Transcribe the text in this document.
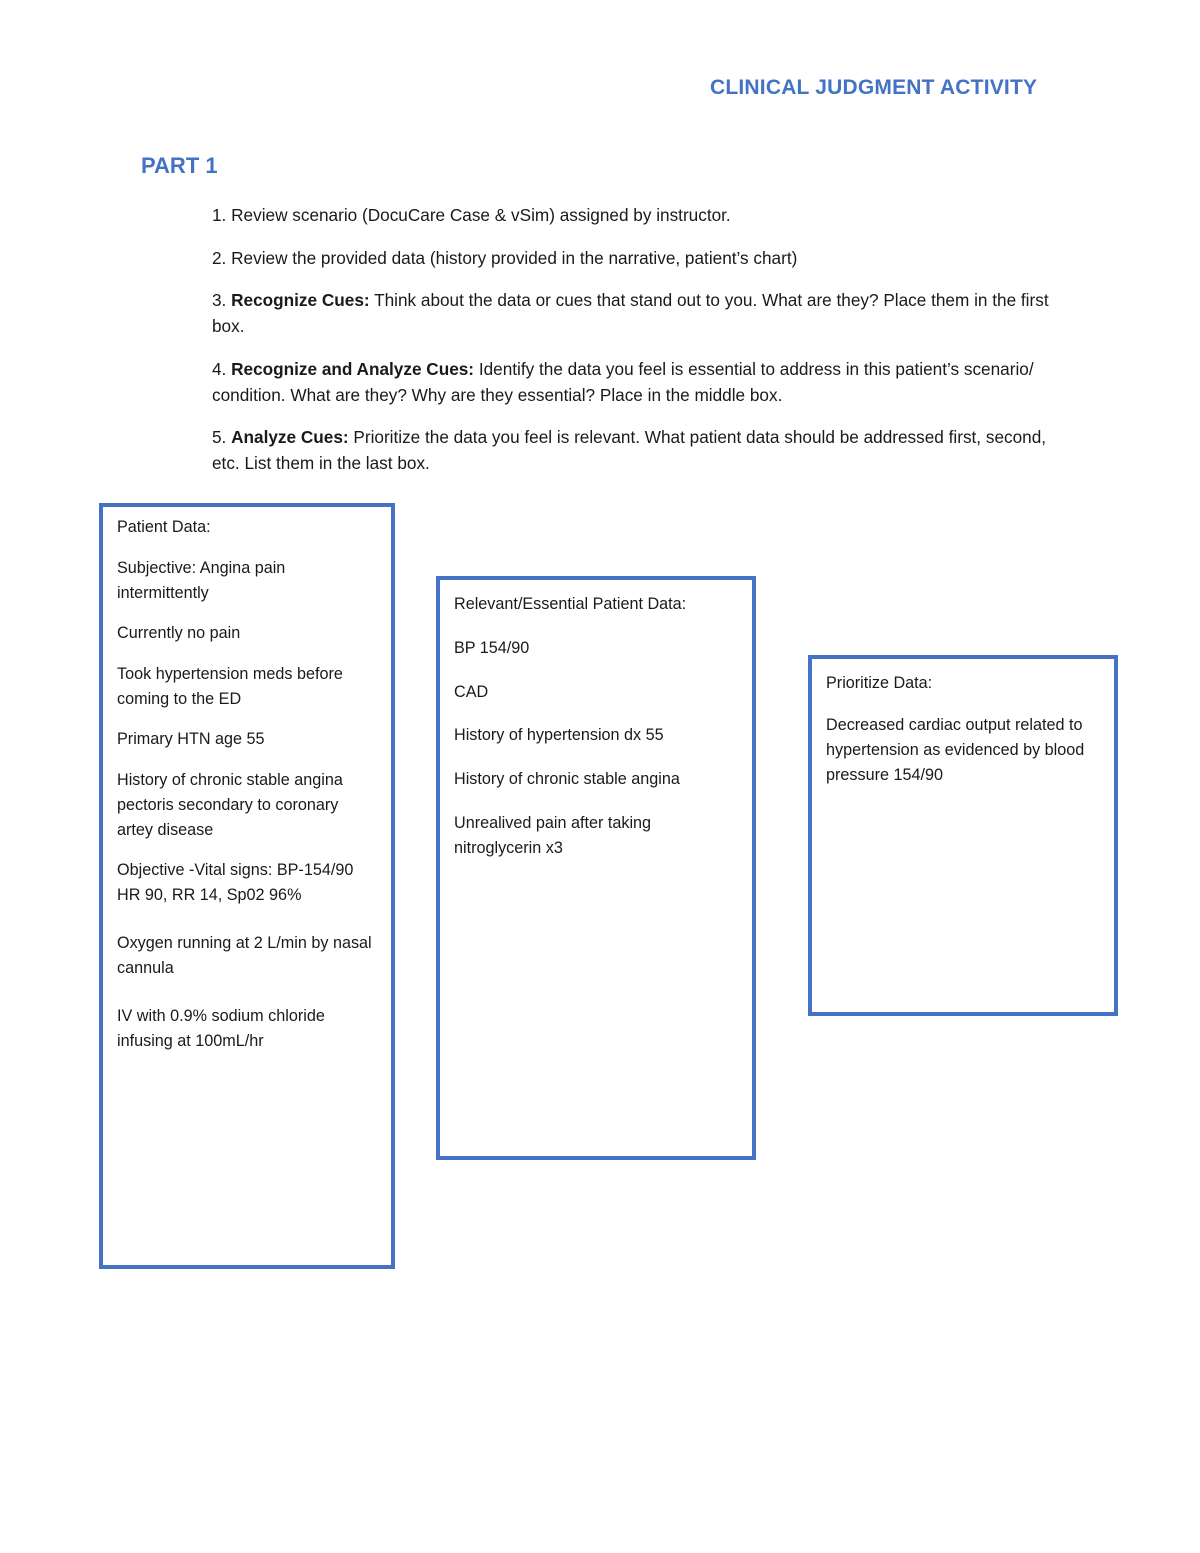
CLINICAL JUDGMENT ACTIVITY
PART 1
1. Review scenario (DocuCare Case & vSim) assigned by instructor.
2. Review the provided data (history provided in the narrative, patient’s chart)
3. Recognize Cues: Think about the data or cues that stand out to you. What are they? Place them in the first box.
4. Recognize and Analyze Cues: Identify the data you feel is essential to address in this patient’s scenario/ condition. What are they? Why are they essential? Place in the middle box.
5. Analyze Cues: Prioritize the data you feel is relevant. What patient data should be addressed first, second, etc. List them in the last box.

Patient Data:

Subjective: Angina pain intermittently

Currently no pain

Took hypertension meds before coming to the ED

Primary HTN age 55

History of chronic stable angina pectoris secondary to coronary artey disease

Objective -Vital signs: BP-154/90 HR 90, RR 14, Sp02 96%

Oxygen running at 2 L/min by nasal cannula

IV with 0.9% sodium chloride infusing at 100mL/hr

Relevant/Essential Patient Data:

BP 154/90

CAD

History of hypertension dx 55

History of chronic stable angina

Unrealived pain after taking nitroglycerin x3

Prioritize Data:

Decreased cardiac output related to hypertension as evidenced by blood pressure 154/90
